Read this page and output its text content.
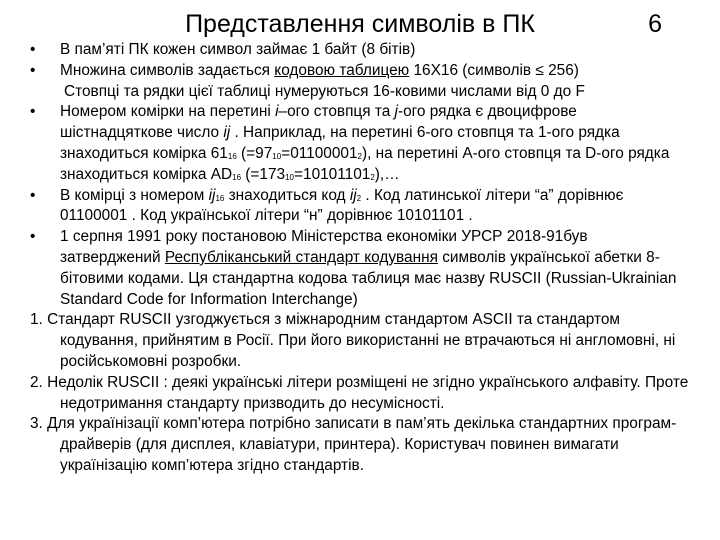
Представлення символів в ПК	6

• В пам’яті ПК кожен символ займає 1 байт (8 бітів)

• Множина символів задається кодовою таблицею 16Х16 (символів ≤ 256)
Стовпці та рядки цієї таблиці нумеруються 16-ковими числами від 0 до F

• Номером комірки на перетині i–ого стовпця та j-ого рядка є двоцифрове шістнадцяткове число ij . Наприклад, на перетині 6-ого стовпця та 1-ого рядка знаходиться комірка $61_{16}$ $(=97_{10}=01100001_2)$, на перетині А-ого стовпця та D-ого рядка знаходиться комірка $AD_{16}$ $(=173_{10}=10101101_2),\dots$

• В комірці з номером $ij_{16}$ знаходиться код $ij_2$ . Код латинської літери “а” дорівнює 01100001 . Код української літери “н” дорівнює 10101101 .

• 1 серпня 1991 року постановою Міністерства економіки УРСР 2018-91був затверджений Республіканський стандарт кодування символів української абетки 8-бітовими кодами. Ця стандартна кодова таблиця має назву RUSCII (Russian-Ukrainian Standard Code for Information Interchange)

1. Стандарт RUSCII узгоджується з міжнародним стандартом ASCII та стандартом кодування, прийнятим в Росії. При його використанні не втрачаються ні англомовні, ні російськомовні розробки.

2. Недолік RUSCII : деякі українські літери розміщені не згідно українського алфавіту. Проте недотримання стандарту призводить до несумісності.

3. Для українізації комп’ютера потрібно записати в пам’ять декілька стандартних програм-драйверів (для дисплея, клавіатури, принтера). Користувач повинен вимагати українізацію комп’ютера згідно стандартів.
